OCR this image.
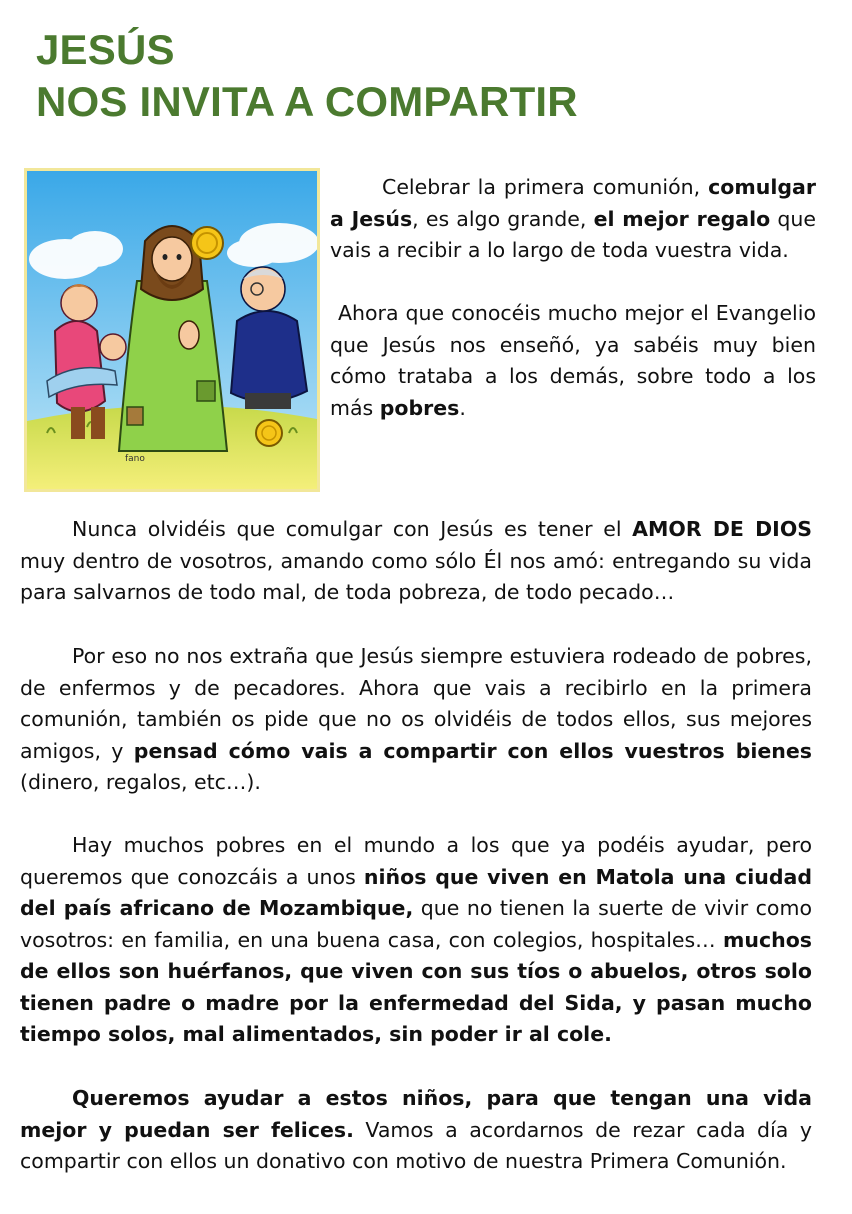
JESÚS
NOS INVITA A COMPARTIR
fano
Celebrar la primera comunión, comulgar a Jesús, es algo grande, el mejor regalo que vais a recibir a lo largo de toda vuestra vida.
Ahora que conocéis mucho mejor el Evangelio que Jesús nos enseñó, ya sabéis muy bien cómo trataba a los demás, sobre todo a los más pobres.
Nunca olvidéis que comulgar con Jesús es tener el AMOR DE DIOS muy dentro de vosotros, amando como sólo Él nos amó: entregando su vida para salvarnos de todo mal, de toda pobreza, de todo pecado…
Por eso no nos extraña que Jesús siempre estuviera rodeado de pobres, de enfermos y de pecadores. Ahora que vais a recibirlo en la primera comunión, también os pide que no os olvidéis de todos ellos, sus mejores amigos, y pensad cómo vais a compartir con ellos vuestros bienes (dinero, regalos, etc…).
Hay muchos pobres en el mundo a los que ya podéis ayudar, pero queremos que conozcáis a unos niños que viven en Matola una ciudad del país africano de Mozambique, que no tienen la suerte de vivir como vosotros: en familia, en una buena casa, con colegios, hospitales… muchos de ellos son huérfanos, que viven con sus tíos o abuelos, otros solo tienen padre o madre por la enfermedad del Sida, y pasan mucho tiempo solos, mal alimentados, sin poder ir al cole.
Queremos ayudar a estos niños, para que tengan una vida mejor y puedan ser felices. Vamos a acordarnos de rezar cada día y compartir con ellos un donativo con motivo de nuestra Primera Comunión.
